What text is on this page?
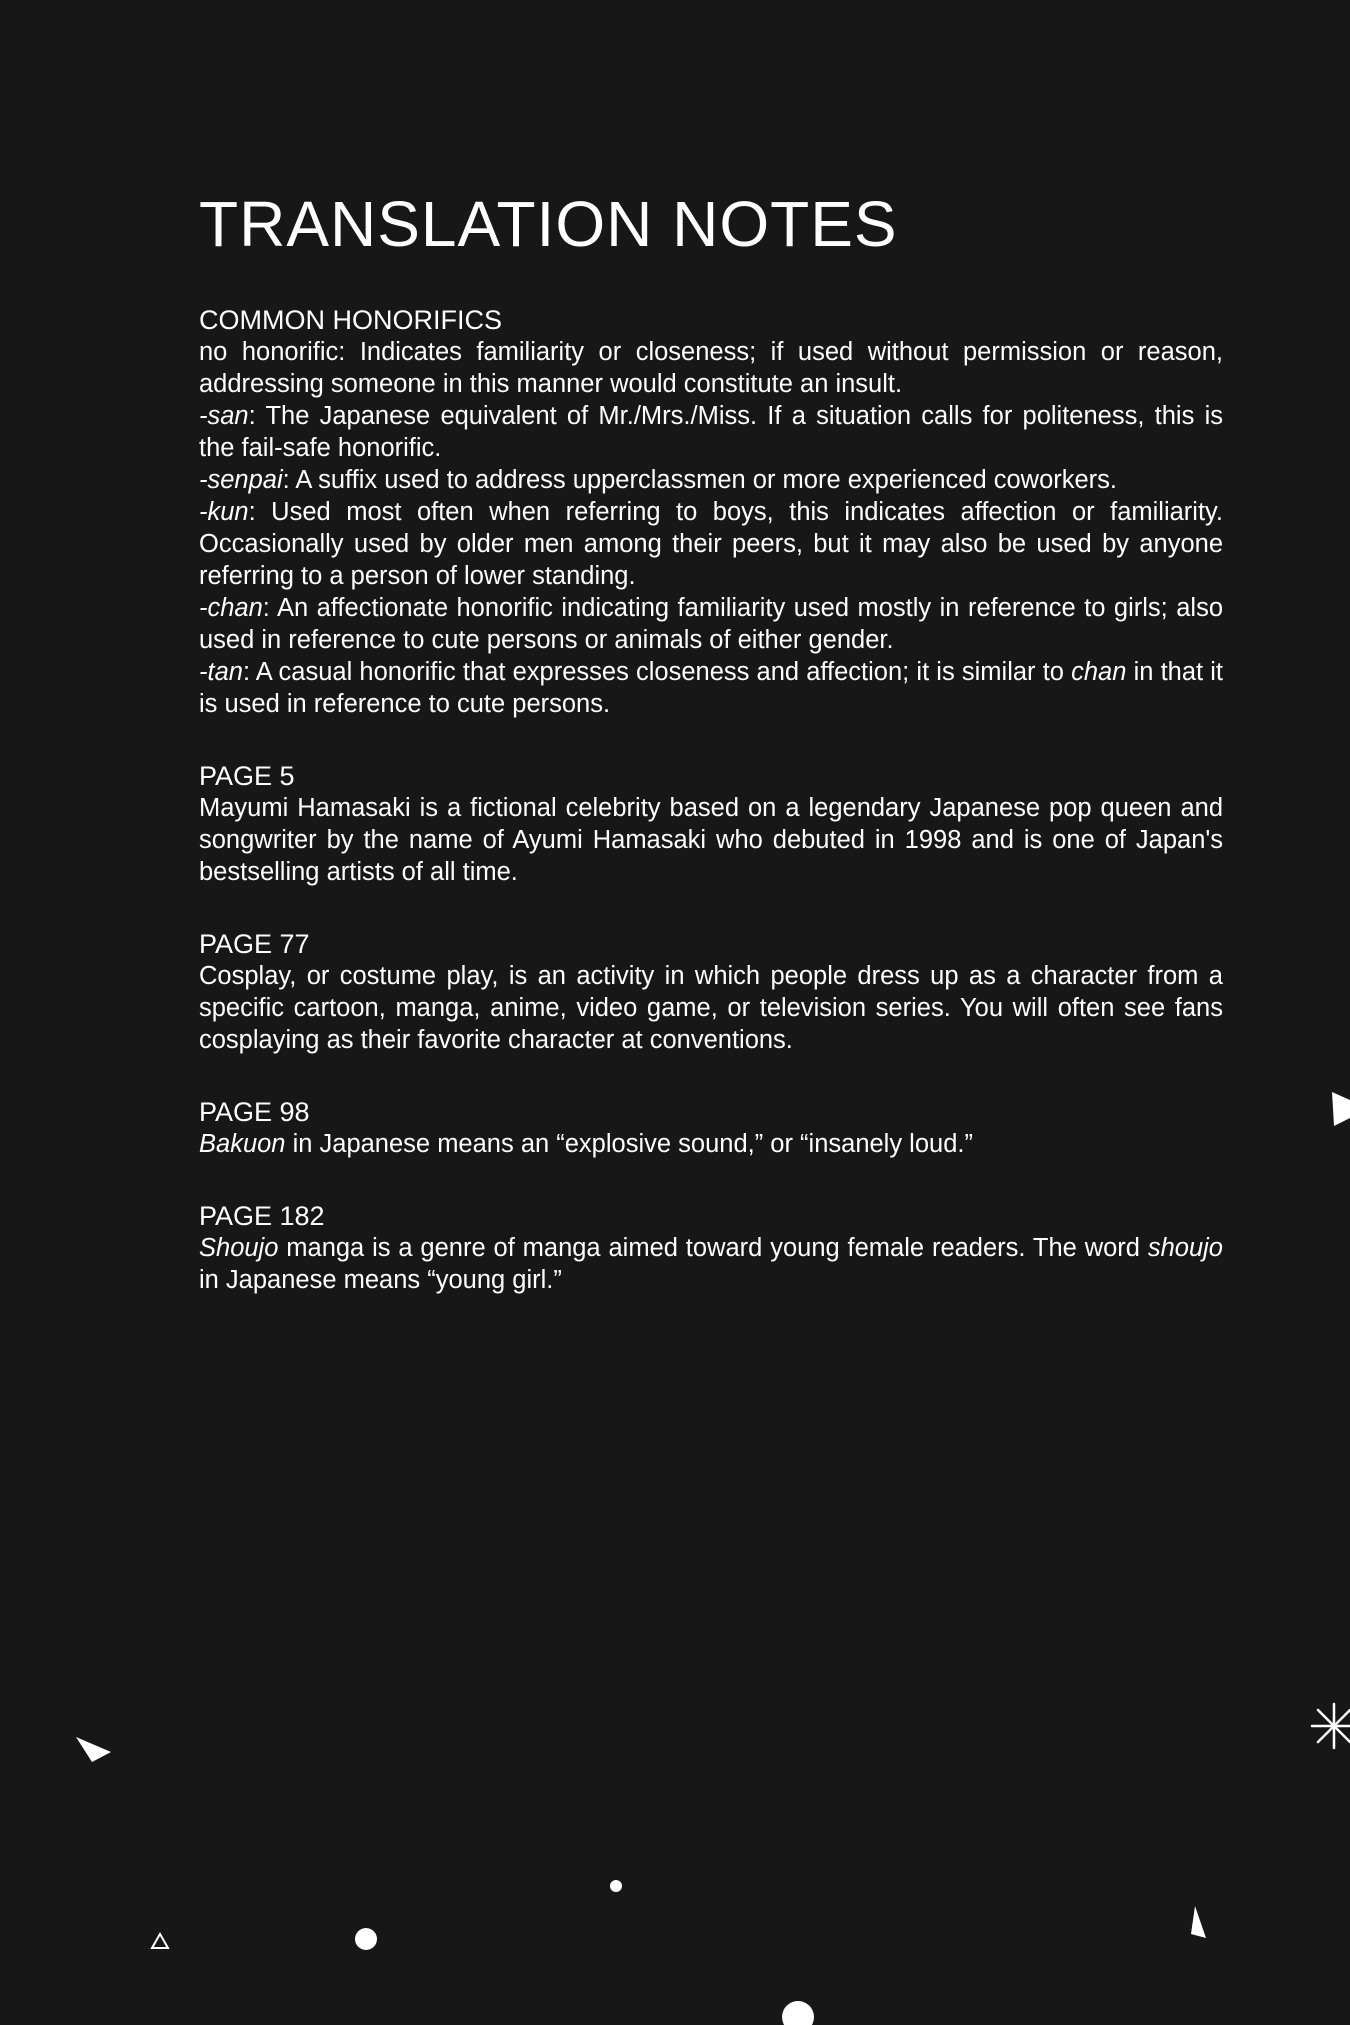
TRANSLATION NOTES

COMMON HONORIFICS

no honorific: Indicates familiarity or closeness; if used without permission or reason, addressing someone in this manner would constitute an insult.

-san: The Japanese equivalent of Mr./Mrs./Miss. If a situation calls for politeness, this is the fail-safe honorific.

-senpai: A suffix used to address upperclassmen or more experienced coworkers.

-kun: Used most often when referring to boys, this indicates affection or familiarity. Occasionally used by older men among their peers, but it may also be used by anyone referring to a person of lower standing.

-chan: An affectionate honorific indicating familiarity used mostly in reference to girls; also used in reference to cute persons or animals of either gender.

-tan: A casual honorific that expresses closeness and affection; it is similar to chan in that it is used in reference to cute persons.

PAGE 5

Mayumi Hamasaki is a fictional celebrity based on a legendary Japanese pop queen and songwriter by the name of Ayumi Hamasaki who debuted in 1998 and is one of Japan's bestselling artists of all time.

PAGE 77

Cosplay, or costume play, is an activity in which people dress up as a character from a specific cartoon, manga, anime, video game, or television series. You will often see fans cosplaying as their favorite character at conventions.

PAGE 98

Bakuon in Japanese means an “explosive sound,” or “insanely loud.”

PAGE 182

Shoujo manga is a genre of manga aimed toward young female readers. The word shoujo in Japanese means “young girl.”
